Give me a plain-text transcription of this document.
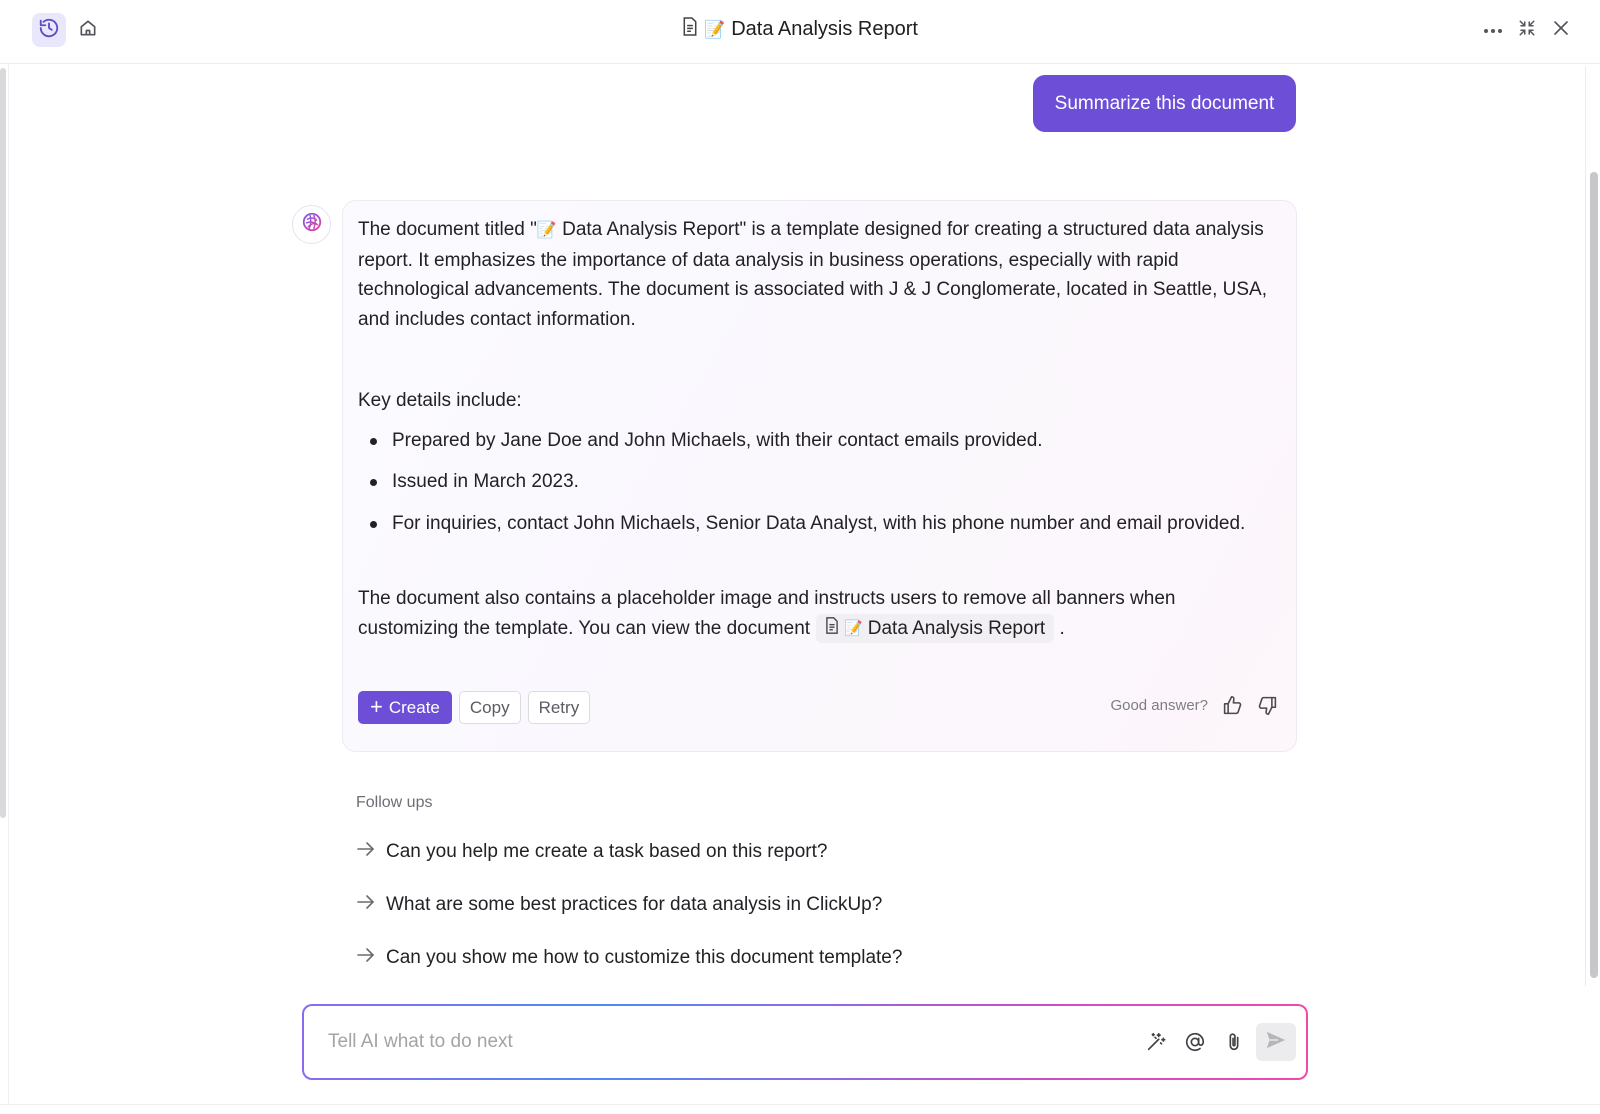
📝 Data Analysis Report
Summarize this document

The document titled "📝 Data Analysis Report" is a template designed for creating a structured data analysis report. It emphasizes the importance of data analysis in business operations, especially with rapid technological advancements. The document is associated with J & J Conglomerate, located in Seattle, USA, and includes contact information.

Key details include:

Prepared by Jane Doe and John Michaels, with their contact emails provided.
Issued in March 2023.
For inquiries, contact John Michaels, Senior Data Analyst, with his phone number and email provided.

The document also contains a placeholder image and instructs users to remove all banners when customizing the template. You can view the document 📝 Data Analysis Report .

+ Create	Copy	Retry	Good answer?
Follow ups
Can you help me create a task based on this report?
What are some best practices for data analysis in ClickUp?
Can you show me how to customize this document template?
Tell AI what to do next
